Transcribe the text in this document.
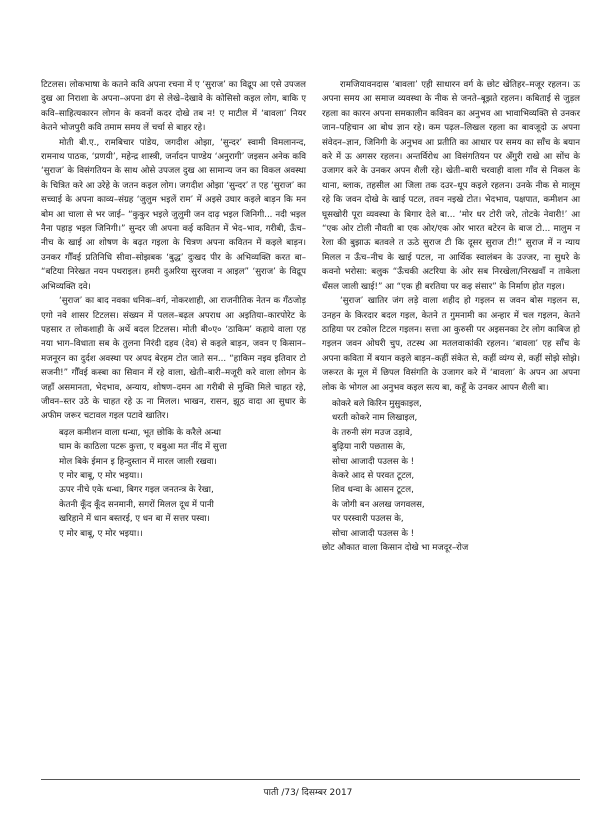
टिटलस। लोकभाषा के कतने कवि अपना रचना में ए ‘सुराज’ का विद्रूप आ एसे उपजल दुख आ निराशा के अपना–अपना ढंग से लेखे–देखावे के कोसिसो कइल लोग, बाकि ए कवि–साहित्यकारन लोगन के कवनों कदर दोखे तब न! ए माटील में ‘बावला’ नियर केतने भोजपुरी कवि तमाम समय लें चर्चा से बाहर रहे।

मोती बी.ए., रामबिचार पांडेय, जगदीश ओझा, ‘सुन्दर’ स्वामी विमलानन्द, रामनाथ पाठक, ‘प्रणयी’, महेन्द्र शास्त्री, जर्नादन पाण्डेय ‘अनुरागी’ जइसन अनेक कवि ‘सुराज’ के विसंगतियन के साथ ओसे उपजल दुख आ सामान्य जन का विकल अवस्था के चित्रित करे आ उरेहे के जतन कइल लोग। जगदीश ओझा ‘सुन्दर’ त एह ‘सुराज’ का सच्चाई के अपना काव्य–संग्रह ‘जुलुम भइलें राम’ में अइसे उघार कइले बाड़न कि मन बोम आ चाला से भर जाई– “कुकुर भइले जुलुमी जन दाढ़ भइल जिनिगी... नदी भइल नैना पहाड़ भइल जिनिगी।” सुन्दर जी अपना कई कवितन में भेद–भाव, गरीबी, ऊँच–नीच के खाई आ शोषण के बढ़त गइला के चित्रण अपना कवितन में कइले बाड़न। उनकर गौँवई प्रतिनिधि सीवा–सोझबक ‘बुद्ध’ दुःखद पीर के अभिव्यक्ति करत बा– “बटिया निरेखत नयन पथराइल। हमरी दुअरिया सुरजवा न आइल” ‘सुराज’ के विद्रूप अभिव्यक्ति दवे।

‘सुराज’ का बाद नवका धनिक–वर्ग, नोकरशाही, आ राजनीतिक नेतन क गँठजोड़ एगो नवे शासर टिटलस। संख्यन में पलल–बढ़ल अपराध आ अइतिया–कारपोरेट के पहसार त लोकशाही के अर्थे बदल टिटलस। मोती बी०ए० ‘ठाकिम’ कहाये वाला एह नया भाग–विधाता सब के तुलना निरंदी दहव (देव) से कइले बाड़न, जवन ए किसान–मजनूरन का दुर्दश अवस्था पर अपद बेरहम टोत जाते सन... “हाकिम नइव इतिवार टो सजनी!” गौँवई कस्बा का सिवान में रहे वाला, खेती–बारी–मजूरी करे वाला लोगन के जहाँ असमानता, भेदभाव, अन्याय, शोषण–दमन आ गरीबी से मुक्ति मिले चाहत रहे, जीवन–स्तर उठे के चाहत रहे ऊ ना मिलल। भाखन, रासन, झूठ वादा आ सुधार के अफीम जरूर चटावल गइल पटावे खातिर।

बढ़ल कमीशन वाला धन्धा, भूत छोकि के करैले अन्धा
घाम के काठिला पटरू कुत्ता, ए बबुआ मत नींद में सुत्ता
मोल बिके ईमान इ हिन्दुस्तान में मारल जाली रखवा।
ए मोर बाबू, ए मोर भइया।।
ऊपर नीचे एके धन्धा, बिगर गइल जनतन्त्र के रेखा,
केतनी कूँद कूँद सनमानी, सगरों मिलल दूध में पानी
खरिहाने में धान बस्तरई, ए धन बा में सत्तर पस्वा।
ए मोर बाबू, ए मोर भइया।।

रामजियावनदास ‘बावला’ एही साधारन वर्ग के छोट खेतिहर–मजूर रहलन। ऊ अपना समय आ समाज व्यवस्था के नीक से जनते–बूझते रहलन। कबिताई से जुड़ल रहला का कारन अपना समकालीन कविवन का अनुभव आ भावाभिव्यक्ति से उनकर जान–पहिचान आ बोध ज्ञान रहे। कम पढ़ल–लिखल रहला का बावजूदो ऊ अपना संवेदन–ज्ञान, जिनिगी के अनुभव आ प्रतीति का आधार पर समय का साँच के बयान करे में ऊ अगसर रहलन। अन्तर्विरोध आ विसंगतियन पर अँगुरी राखे आ सोंच के उजागर करे के उनकर अपन शैली रहे। खेती–बारी चरवाही वाला गाँव से निकल के थाना, ब्लाक, तहसील आ जिला तक दउर–धूप कइले रहलन। उनके नीक से मालूम रहे कि जवन दोखे के खाई पटल, तवन नइखे टोत। भेदभाव, पक्षपात, कमीशन आ घूसखोरी पूरा व्यवस्था के बिगार देले बा... ‘मोर धर टोरी जरे, तोटके नेवारी!’ आ “एक ओर टोली नौवती बा एक ओर/एक ओर भारत बटेरन के बाज टो... मालुम न रेला की बुझाऊ बतवले त ऊठे सुराज टी कि दूसर सुराज टी!” सुराज में न न्याय मिलल न ऊँच–नीच के खाई पटल, ना आर्थिक स्वालंबन के उज्जर, ना सुधरे के कवनो भरोसा: बलुक “ऊँचकी अटरिया के ओर सब निरखेला/निरखवाँ न ताकेला धँसल जाली खाई!” आ “एक ही बरतिया पर कइ संसार” के निर्माण होत गइल।

‘सुराज’ खातिर जंग लड़े वाला शहीद हो गइलन स जवन बोस गइलन स, उनहन के किरदार बदल गइल, केतने त गुमनामी का अन्हार में चल गइलन, केतने ठाहिया पर टकोल टिटल गइलन। सत्ता आ कुरुसी पर अइसनका टेर लोग काबिज हो गइलन जवन ओघरी चुप, तटस्थ आ मतलवाकांकी रहलन। ‘बावला’ एह साँच के अपना कविता में बयान कइले बाड़न–कहीं संकेत से, कहीं व्यंग्य से, कहीं सोझे सोझे। जरूरत के मूल में छिपल विसंगति के उजागर करे में ‘बावला’ के अपन आ अपना लोक के भोगल आ अनुभव कइल सत्य बा, कहूँ के उनकर आपन शैली बा।

कोकरे बले किरिन मुसुकाइल,
धरती कोकरे नाम लिखाइल,
के तरुनी संग मउज उड़ावे,
बुढ़िया नारी पछतास के,
सोचा आजादी पउलस के !
केकरे आद से परवत टूटल,
शिव धन्वा के आसन टूटल,
के जोगी बन अलख जगवलस,
पर परस्वारी पउलस के,
सोचा आजादी पउलस के !
छोट औकात वाला किसान दोखे भा मजदूर–रोज
पाती /73/ दिसम्बर 2017
